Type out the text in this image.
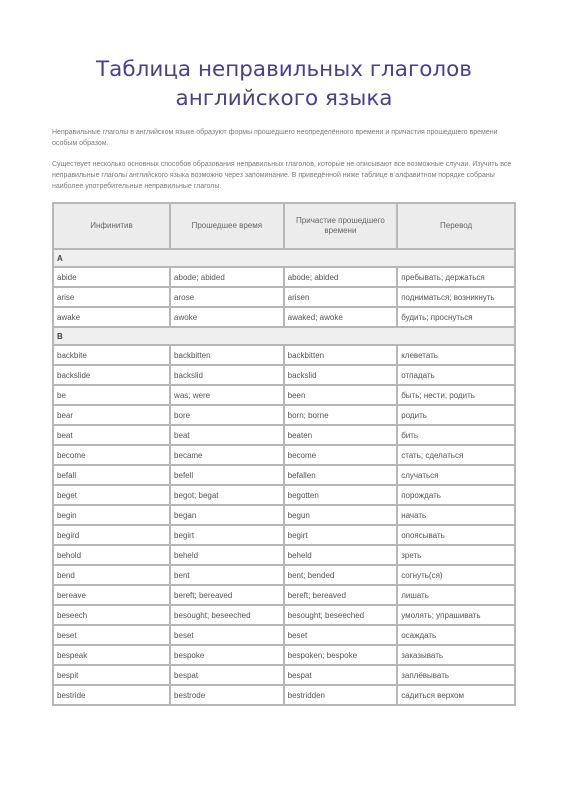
Таблица неправильных глаголов
английского языка

Неправильные глаголы в английском языке образуют формы прошедшего неопределённого времени и причастия прошедшего времени особым образом.

Существует несколько основных способов образования неправильных глаголов, которые не описывают все возможные случаи. Изучить все неправильные глаголы английского языка возможно через запоминание. В приведённой ниже таблице в алфавитном порядке собраны наиболее употребительные неправильные глаголы.

Инфинитив	Прошедшее время	Причастие прошедшего времени	Перевод
A			
abide	abode; abided	abode; abided	пребывать; держаться
arise	arose	arisen	подниматься; возникнуть
awake	awoke	awaked; awoke	будить; проснуться
B			
backbite	backbitten	backbitten	клеветать
backslide	backslid	backslid	отпадать
be	was; were	been	быть; нести; родить
bear	bore	born; borne	родить
beat	beat	beaten	бить
become	became	become	стать; сделаться
befall	befell	befallen	случаться
beget	begot; begat	begotten	порождать
begin	began	begun	начать
begird	begirt	begirt	опоясывать
behold	beheld	beheld	зреть
bend	bent	bent; bended	согнуть(ся)
bereave	bereft; bereaved	bereft; bereaved	лишать
beseech	besought; beseeched	besought; beseeched	умолять; упрашивать
beset	beset	beset	осаждать
bespeak	bespoke	bespoken; bespoke	заказывать
bespit	bespat	bespat	заплёвывать
bestride	bestrode	bestridden	садиться верхом
